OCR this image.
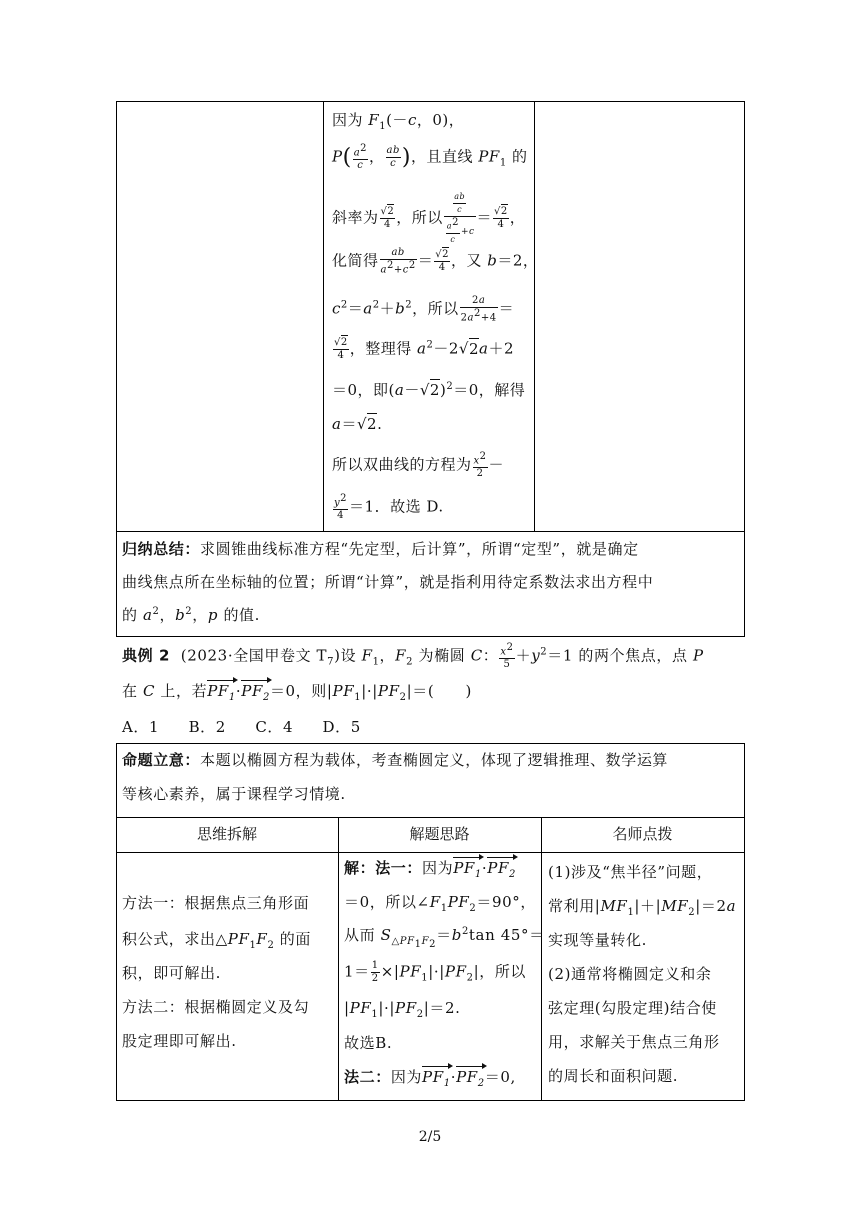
因为 $F_1(-c$，0)，
$P( \frac{a^2}{c}$ ， $\frac{ab}{c}$ )，且直线 $PF_1$ 的
斜率为 $\frac{√2}{4}$ ，所以 $\frac{\frac{ab}{c}}{\frac{a^2}{c} +c} = \frac{√2}{4}$ ，
化简得 $\frac{ab}{a^2+c^2} = \frac{√2}{4}$ ，又 b＝2，
$c^2=a^2+b^2$，所以 $\frac{2a}{2a^2+4}$ ＝
$\frac{√2}{4}$ ，整理得 $a^2-2√2a+2$
＝0，即$(a-√2)^2=0$，解得
a＝√2.
所以双曲线的方程为 $\frac{x^2}{2}$ －
$\frac{y^2}{4} =1$．故选 D.
归纳总结：求圆锥曲线标准方程“先定型，后计算”，所谓“定型”，就是确定
曲线焦点所在坐标轴的位置；所谓“计算”，就是指利用待定系数法求出方程中
的 $a^2$，$b^2$，p 的值.
典例 2  (2023·全国甲卷文 $T_7$)设 $F_1$，$F_2$ 为椭圆 C： $\frac{x^2}{5} +y^2=1$ 的两个焦点，点 P
在 C 上，若$PF_1\cdot PF_2=0$，则$|PF_1|\cdot|PF_2|=$(　　)
A．1 B．2 C．4 D．5
命题立意：本题以椭圆方程为载体，考查椭圆定义，体现了逻辑推理、数学运算
等核心素养，属于课程学习情境.
思维拆解	解题思路	名师点拨
方法一：根据焦点三角形面
积公式，求出$\triangle PF_1F_2$ 的面
积，即可解出.
方法二：根据椭圆定义及勾
股定理即可解出.
解：法一：因为$PF_1\cdot PF_2$
＝0，所以$\angle F_1PF_2=90^\circ$，
从而 $S_{\triangle PF_1F_2}=b^2\tan$ 45°＝
$1= \frac{1}{2} \times|PF_1|\cdot|PF_2|$，所以
$|PF_1|\cdot|PF_2|=2$.
故选B.
法二：因为$PF_1\cdot PF_2=0$,
(1)涉及“焦半径”问题，
常利用$|MF_1|+|MF_2|=2a$
实现等量转化.
(2)通常将椭圆定义和余
弦定理(勾股定理)结合使
用，求解关于焦点三角形
的周长和面积问题.
2/5
